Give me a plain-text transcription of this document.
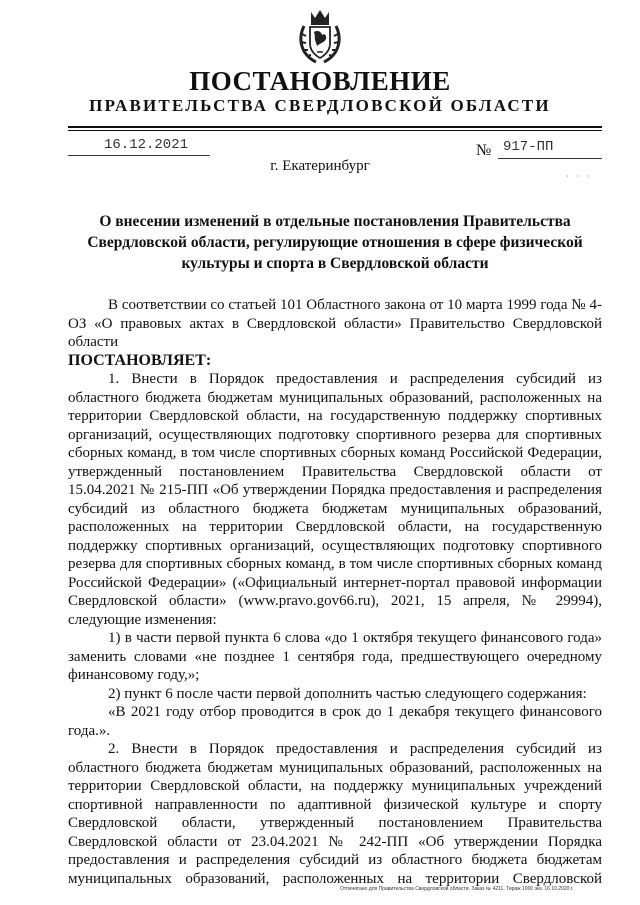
ПОСТАНОВЛЕНИЕ
ПРАВИТЕЛЬСТВА СВЕРДЛОВСКОЙ ОБЛАСТИ
16.12.2021	№ 917-ПП
г. Екатеринбург
· · ·
О внесении изменений в отдельные постановления Правительства
Свердловской области, регулирующие отношения в сфере физической
культуры и спорта в Свердловской области

В соответствии со статьей 101 Областного закона от 10 марта 1999 года № 4-ОЗ «О правовых актах в Свердловской области» Правительство Свердловской области

ПОСТАНОВЛЯЕТ:

1. Внести в Порядок предоставления и распределения субсидий из областного бюджета бюджетам муниципальных образований, расположенных на территории Свердловской области, на государственную поддержку спортивных организаций, осуществляющих подготовку спортивного резерва для спортивных сборных команд, в том числе спортивных сборных команд Российской Федерации, утвержденный постановлением Правительства Свердловской области от 15.04.2021 № 215-ПП «Об утверждении Порядка предоставления и распределения субсидий из областного бюджета бюджетам муниципальных образований, расположенных на территории Свердловской области, на государственную поддержку спортивных организаций, осуществляющих подготовку спортивного резерва для спортивных сборных команд, в том числе спортивных сборных команд Российской Федерации» («Официальный интернет-портал правовой информации Свердловской области» (www.pravo.gov66.ru), 2021, 15 апреля, № 29994), следующие изменения:

1) в части первой пункта 6 слова «до 1 октября текущего финансового года» заменить словами «не позднее 1 сентября года, предшествующего очередному финансовому году,»;

2) пункт 6 после части первой дополнить частью следующего содержания:

«В 2021 году отбор проводится в срок до 1 декабря текущего финансового года.».

2. Внести в Порядок предоставления и распределения субсидий из областного бюджета бюджетам муниципальных образований, расположенных на территории Свердловской области, на поддержку муниципальных учреждений спортивной направленности по адаптивной физической культуре и спорту Свердловской области, утвержденный постановлением Правительства Свердловской области от 23.04.2021 № 242-ПП «Об утверждении Порядка предоставления и распределения субсидий из областного бюджета бюджетам муниципальных образований, расположенных на территории Свердловской

Отпечатано для Правительства Свердловской области. Заказ № 4211. Тираж 1000 экз. 16.10.2020 г.
